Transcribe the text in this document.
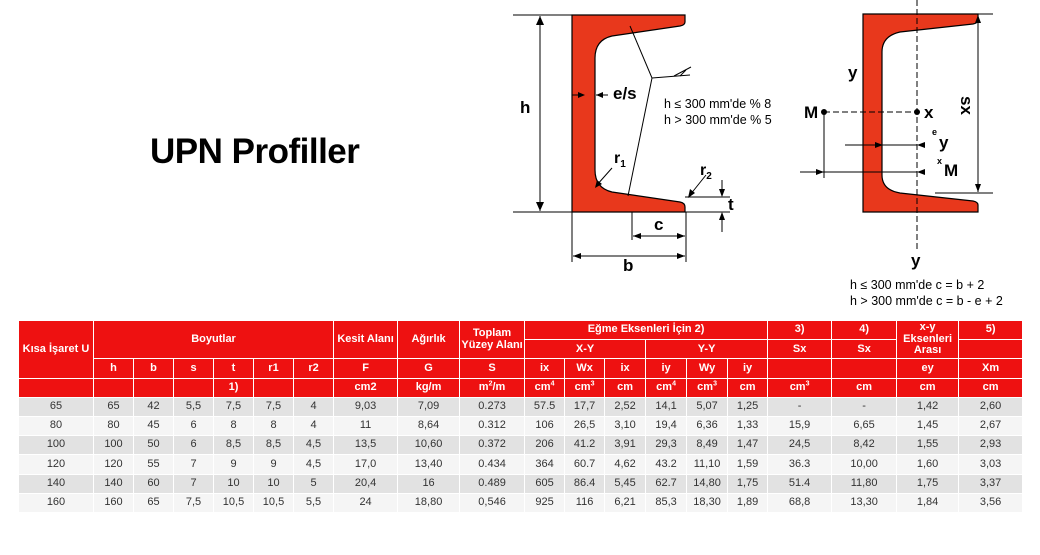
UPN Profiller
h
e/s
$r_1$	$r_2$
t
c
b
h ≤ 300 mm'de % 8
h > 300 mm'de % 5
y
y
x
M	sx
e
y
x M
h ≤ 300 mm'de c = b + 2
h > 300 mm'de c = b - e + 2
Kısa İşaret U	Boyutlar						Kesit Alanı	Ağırlık	Toplam Yüzey Alanı	Eğme Eksenleri İçin 2)						3)	4)	x-y Eksenleri Arası	5)
										X-Y			Y-Y			Sx	Sx		
	h	b	s	t	r1	r2	F	G	S	ix	Wx	ix	iy	Wy	iy			ey	Xm
				1)			cm2	kg/m	$m^2/m$	$cm^4$	$cm^3$	cm	$cm^4$	$cm^3$	cm	$cm^3$	cm	cm	cm
65	65	42	5,5	7,5	7,5	4	9,03	7,09	0.273	57.5	17,7	2,52	14,1	5,07	1,25	-	-	1,42	2,60
80	80	45	6	8	8	4	11	8,64	0.312	106	26,5	3,10	19,4	6,36	1,33	15,9	6,65	1,45	2,67
100	100	50	6	8,5	8,5	4,5	13,5	10,60	0.372	206	41.2	3,91	29,3	8,49	1,47	24,5	8,42	1,55	2,93
120	120	55	7	9	9	4,5	17,0	13,40	0.434	364	60.7	4,62	43.2	11,10	1,59	36.3	10,00	1,60	3,03
140	140	60	7	10	10	5	20,4	16	0.489	605	86.4	5,45	62.7	14,80	1,75	51.4	11,80	1,75	3,37
160	160	65	7,5	10,5	10,5	5,5	24	18,80	0,546	925	116	6,21	85,3	18,30	1,89	68,8	13,30	1,84	3,56
